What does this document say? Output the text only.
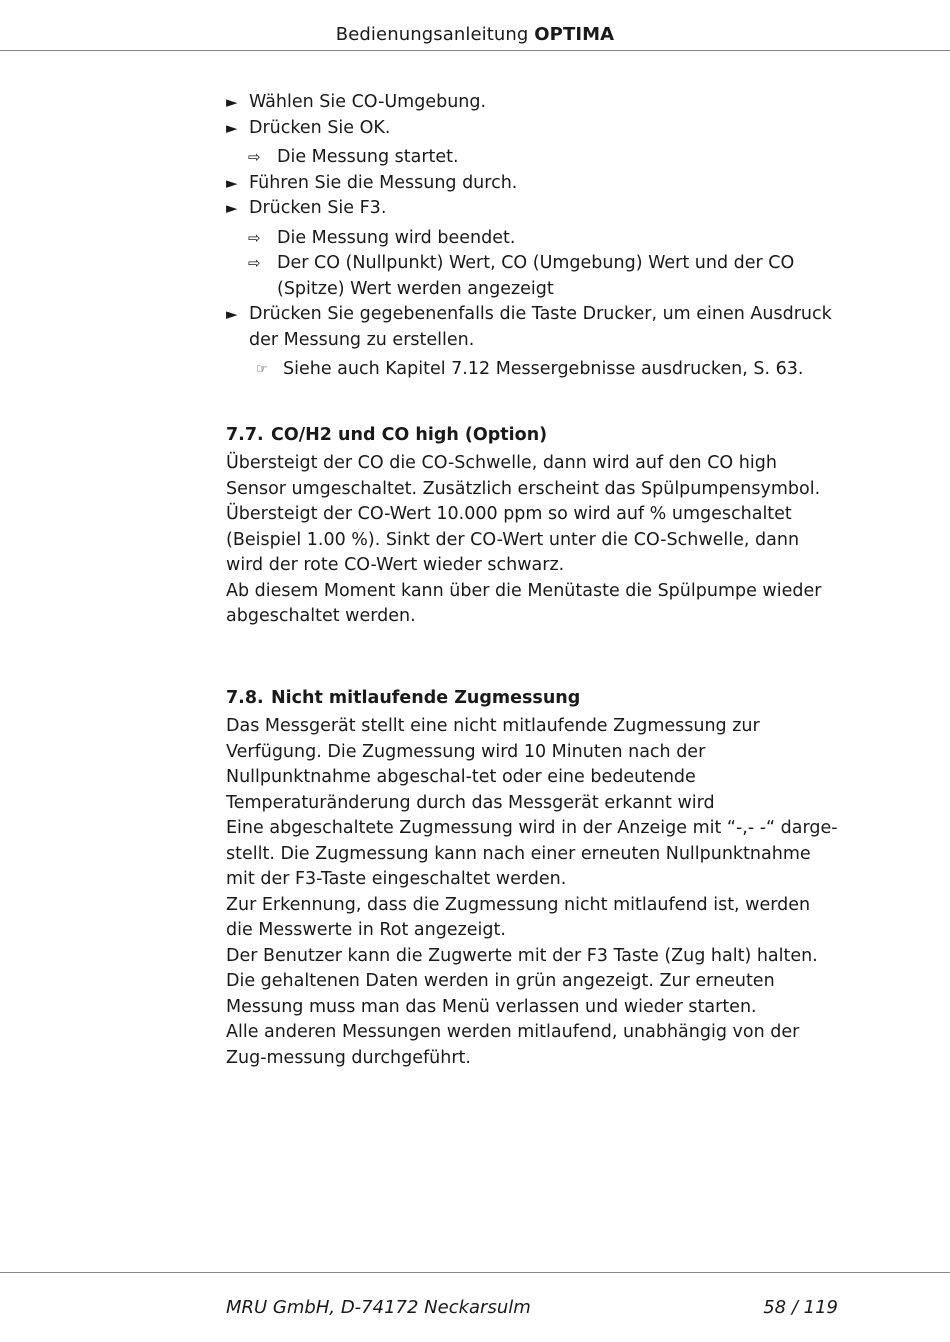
Bedienungsanleitung OPTIMA
► Wählen Sie CO-Umgebung.
► Drücken Sie OK.
⇨ Die Messung startet.
► Führen Sie die Messung durch.
► Drücken Sie F3.
⇨ Die Messung wird beendet.
⇨ Der CO (Nullpunkt) Wert, CO (Umgebung) Wert und der CO (Spitze) Wert werden angezeigt
► Drücken Sie gegebenenfalls die Taste Drucker, um einen Ausdruck der Messung zu erstellen.
☞ Siehe auch Kapitel 7.12 Messergebnisse ausdrucken, S. 63.
7.7. CO/H2 und CO high (Option)

Übersteigt der CO die CO-Schwelle, dann wird auf den CO high Sensor umgeschaltet. Zusätzlich erscheint das Spülpumpensymbol. Übersteigt der CO-Wert 10.000 ppm so wird auf % umgeschaltet (Beispiel 1.00 %). Sinkt der CO-Wert unter die CO-Schwelle, dann wird der rote CO-Wert wieder schwarz.

Ab diesem Moment kann über die Menütaste die Spülpumpe wieder abgeschaltet werden.

7.8. Nicht mitlaufende Zugmessung

Das Messgerät stellt eine nicht mitlaufende Zugmessung zur Verfügung. Die Zugmessung wird 10 Minuten nach der Nullpunktnahme abgeschal-tet oder eine bedeutende Temperaturänderung durch das Messgerät erkannt wird

Eine abgeschaltete Zugmessung wird in der Anzeige mit “-,- -“ darge-stellt. Die Zugmessung kann nach einer erneuten Nullpunktnahme mit der F3-Taste eingeschaltet werden.

Zur Erkennung, dass die Zugmessung nicht mitlaufend ist, werden die Messwerte in Rot angezeigt.

Der Benutzer kann die Zugwerte mit der F3 Taste (Zug halt) halten. Die gehaltenen Daten werden in grün angezeigt. Zur erneuten Messung muss man das Menü verlassen und wieder starten.

Alle anderen Messungen werden mitlaufend, unabhängig von der Zug-messung durchgeführt.

MRU GmbH, D-74172 Neckarsulm	58 / 119
